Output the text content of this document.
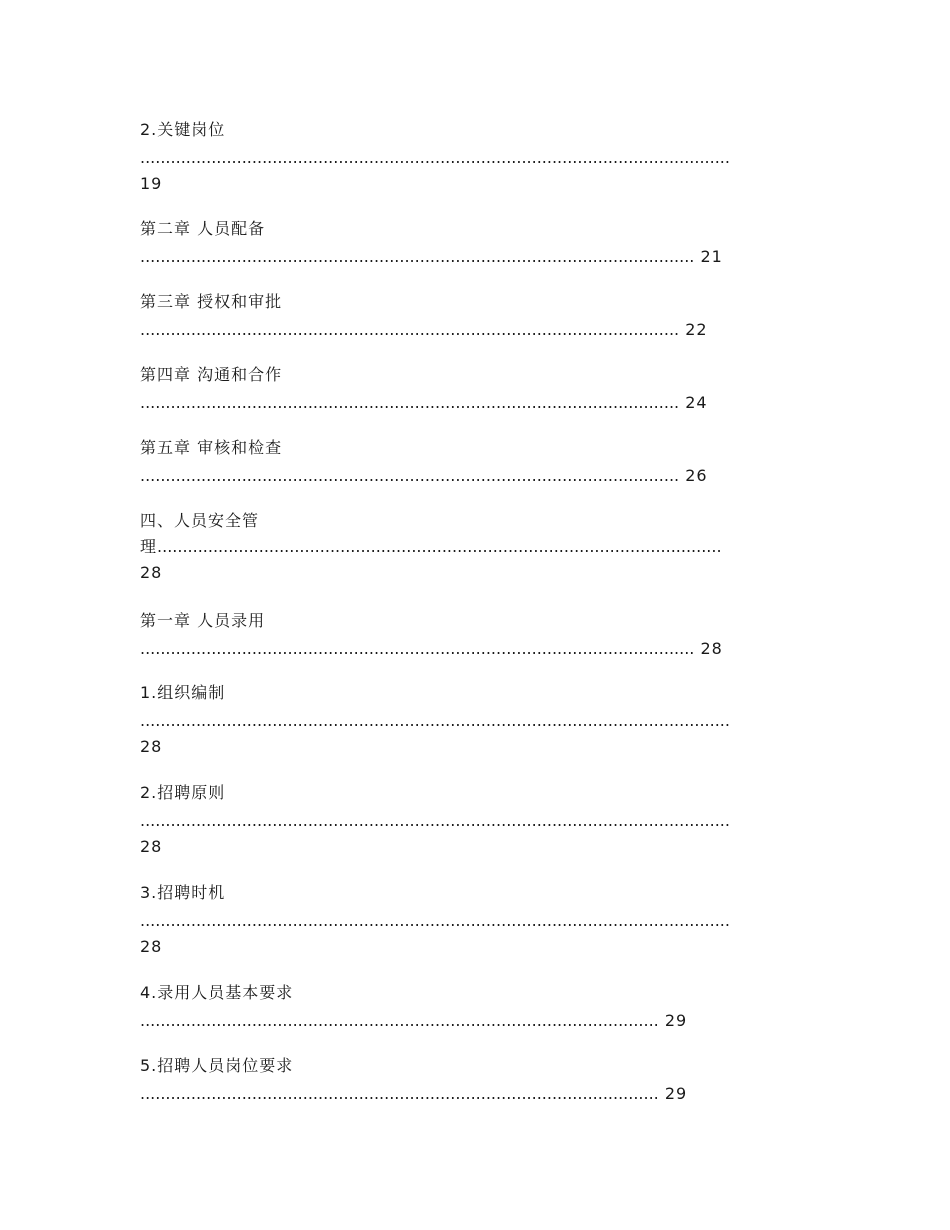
2.关键岗位
....................................................................................................................
19
第二章 人员配备
............................................................................................................. 21
第三章 授权和审批
.......................................................................................................... 22
第四章 沟通和合作
.......................................................................................................... 24
第五章 审核和检查
.......................................................................................................... 26
四、人员安全管
理...............................................................................................................
28
第一章 人员录用
............................................................................................................. 28
1.组织编制
....................................................................................................................
28
2.招聘原则
....................................................................................................................
28
3.招聘时机
....................................................................................................................
28
4.录用人员基本要求
...................................................................................................... 29
5.招聘人员岗位要求
...................................................................................................... 29
